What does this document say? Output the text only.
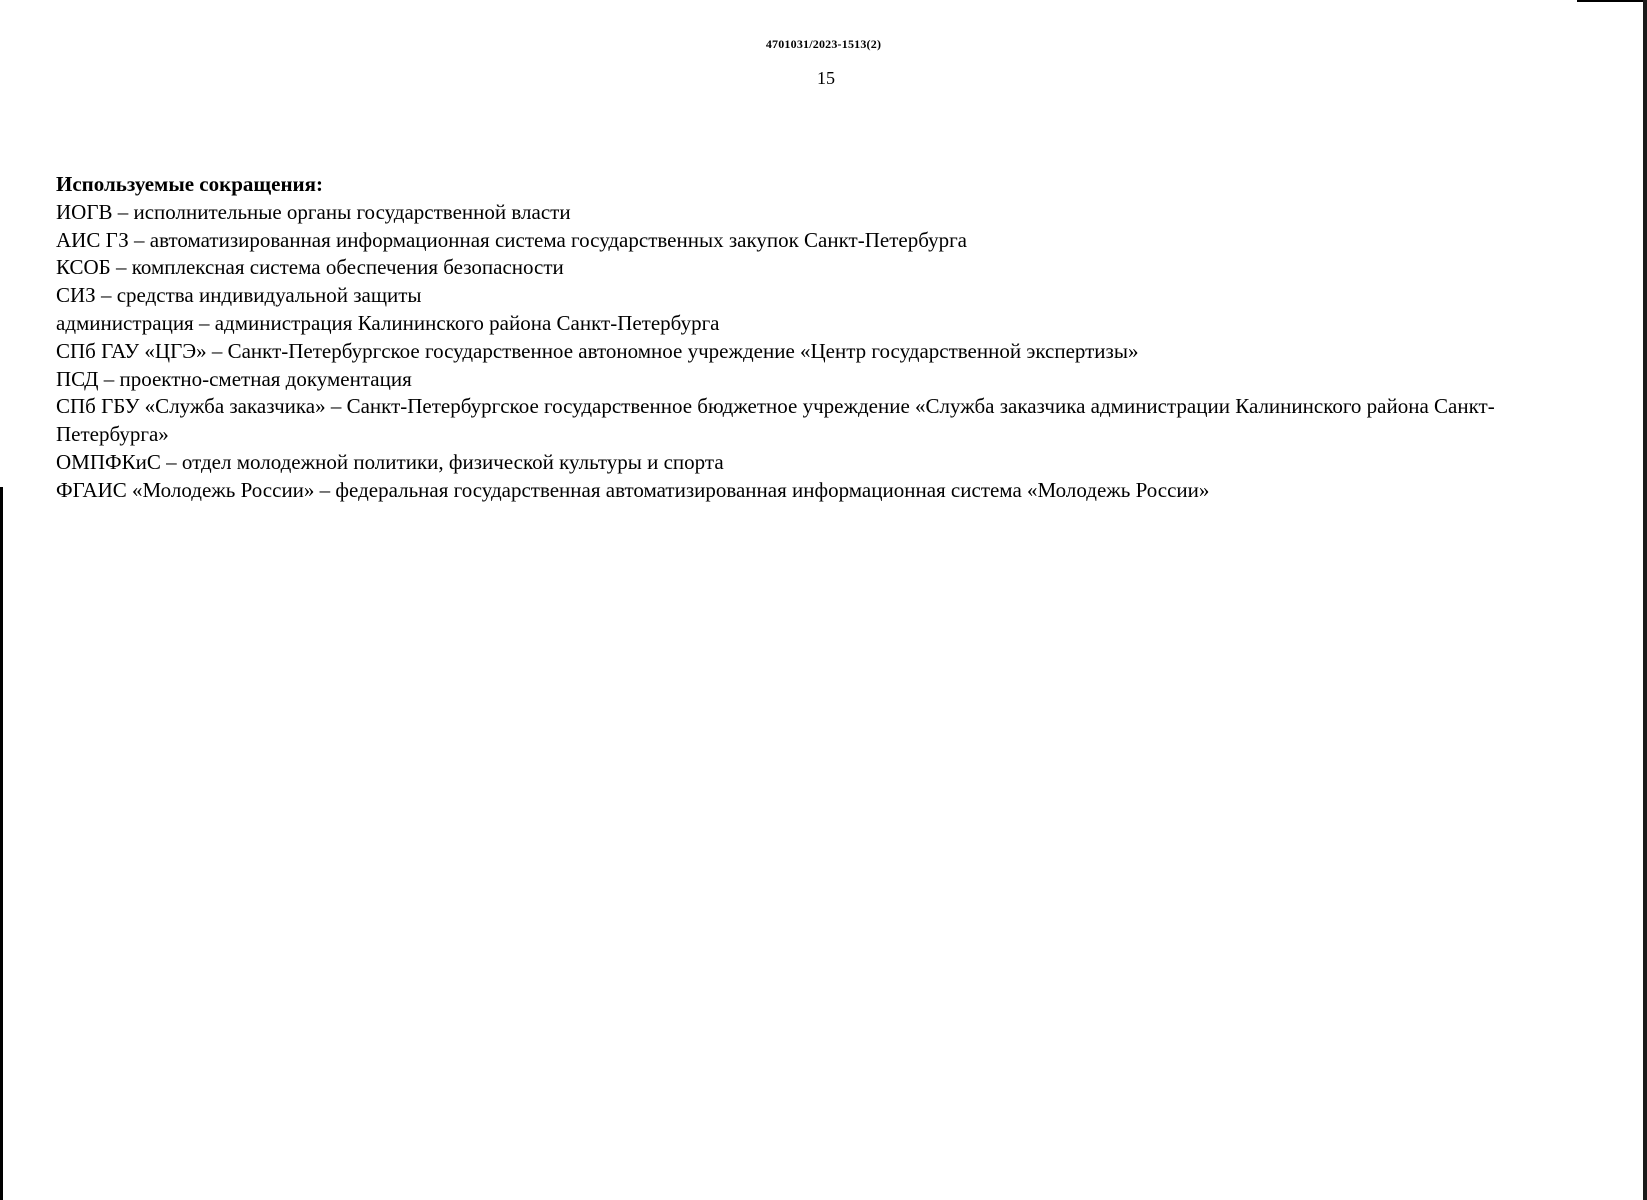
4701031/2023-1513(2)
15
Используемые сокращения:
ИОГВ – исполнительные органы государственной власти
АИС ГЗ – автоматизированная информационная система государственных закупок Санкт-Петербурга
КСОБ – комплексная система обеспечения безопасности
СИЗ – средства индивидуальной защиты
администрация – администрация Калининского района Санкт-Петербурга
СПб ГАУ «ЦГЭ» – Санкт-Петербургское государственное автономное учреждение «Центр государственной экспертизы»
ПСД – проектно-сметная документация
СПб ГБУ «Служба заказчика» – Санкт-Петербургское государственное бюджетное учреждение «Служба заказчика администрации Калининского района Санкт-Петербурга»
ОМПФКиС – отдел молодежной политики, физической культуры и спорта
ФГАИС «Молодежь России» – федеральная государственная автоматизированная информационная система «Молодежь России»
